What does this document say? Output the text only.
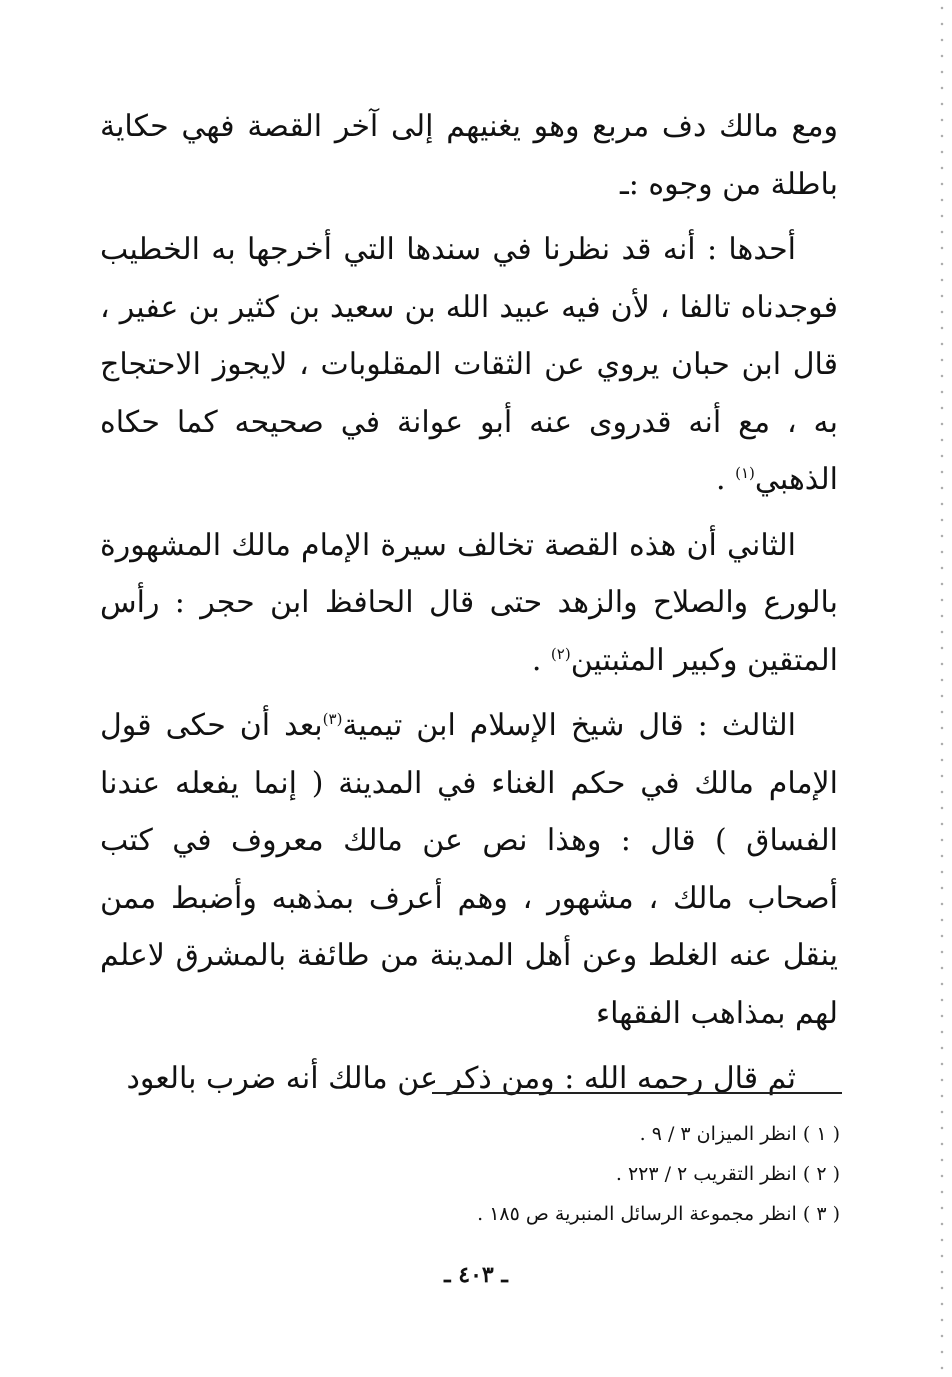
ومع مالك دف مربع وهو يغنيهم إلى آخر القصة فهي حكاية باطلة من وجوه :ـ

أحدها : أنه قد نظرنا في سندها التي أخرجها به الخطيب فوجدناه تالفا ، لأن فيه عبيد الله بن سعيد بن كثير بن عفير ، قال ابن حبان يروي عن الثقات المقلوبات ، لايجوز الاحتجاج به ، مع أنه قدروى عنه أبو عوانة في صحيحه كما حكاه الذهبي$^{(١)}$ .

الثاني أن هذه القصة تخالف سيرة الإمام مالك المشهورة بالورع والصلاح والزهد حتى قال الحافظ ابن حجر : رأس المتقين وكبير المثبتين$^{(٢)}$ .

الثالث : قال شيخ الإسلام ابن تيمية$^{(٣)}$بعد أن حكى قول الإمام مالك في حكم الغناء في المدينة ( إنما يفعله عندنا الفساق ) قال : وهذا نص عن مالك معروف في كتب أصحاب مالك ، مشهور ، وهم أعرف بمذهبه وأضبط ممن ينقل عنه الغلط وعن أهل المدينة من طائفة بالمشرق لاعلم لهم بمذاهب الفقهاء

ثم قال رحمه الله : ومن ذكر عن مالك أنه ضرب بالعود

( ١ ) انظر الميزان ٣ / ٩ .
( ٢ ) انظر التقريب ٢ / ٢٢٣ .
( ٣ ) انظر مجموعة الرسائل المنبرية ص ١٨٥ .
ـ ٤٠٣ ـ
